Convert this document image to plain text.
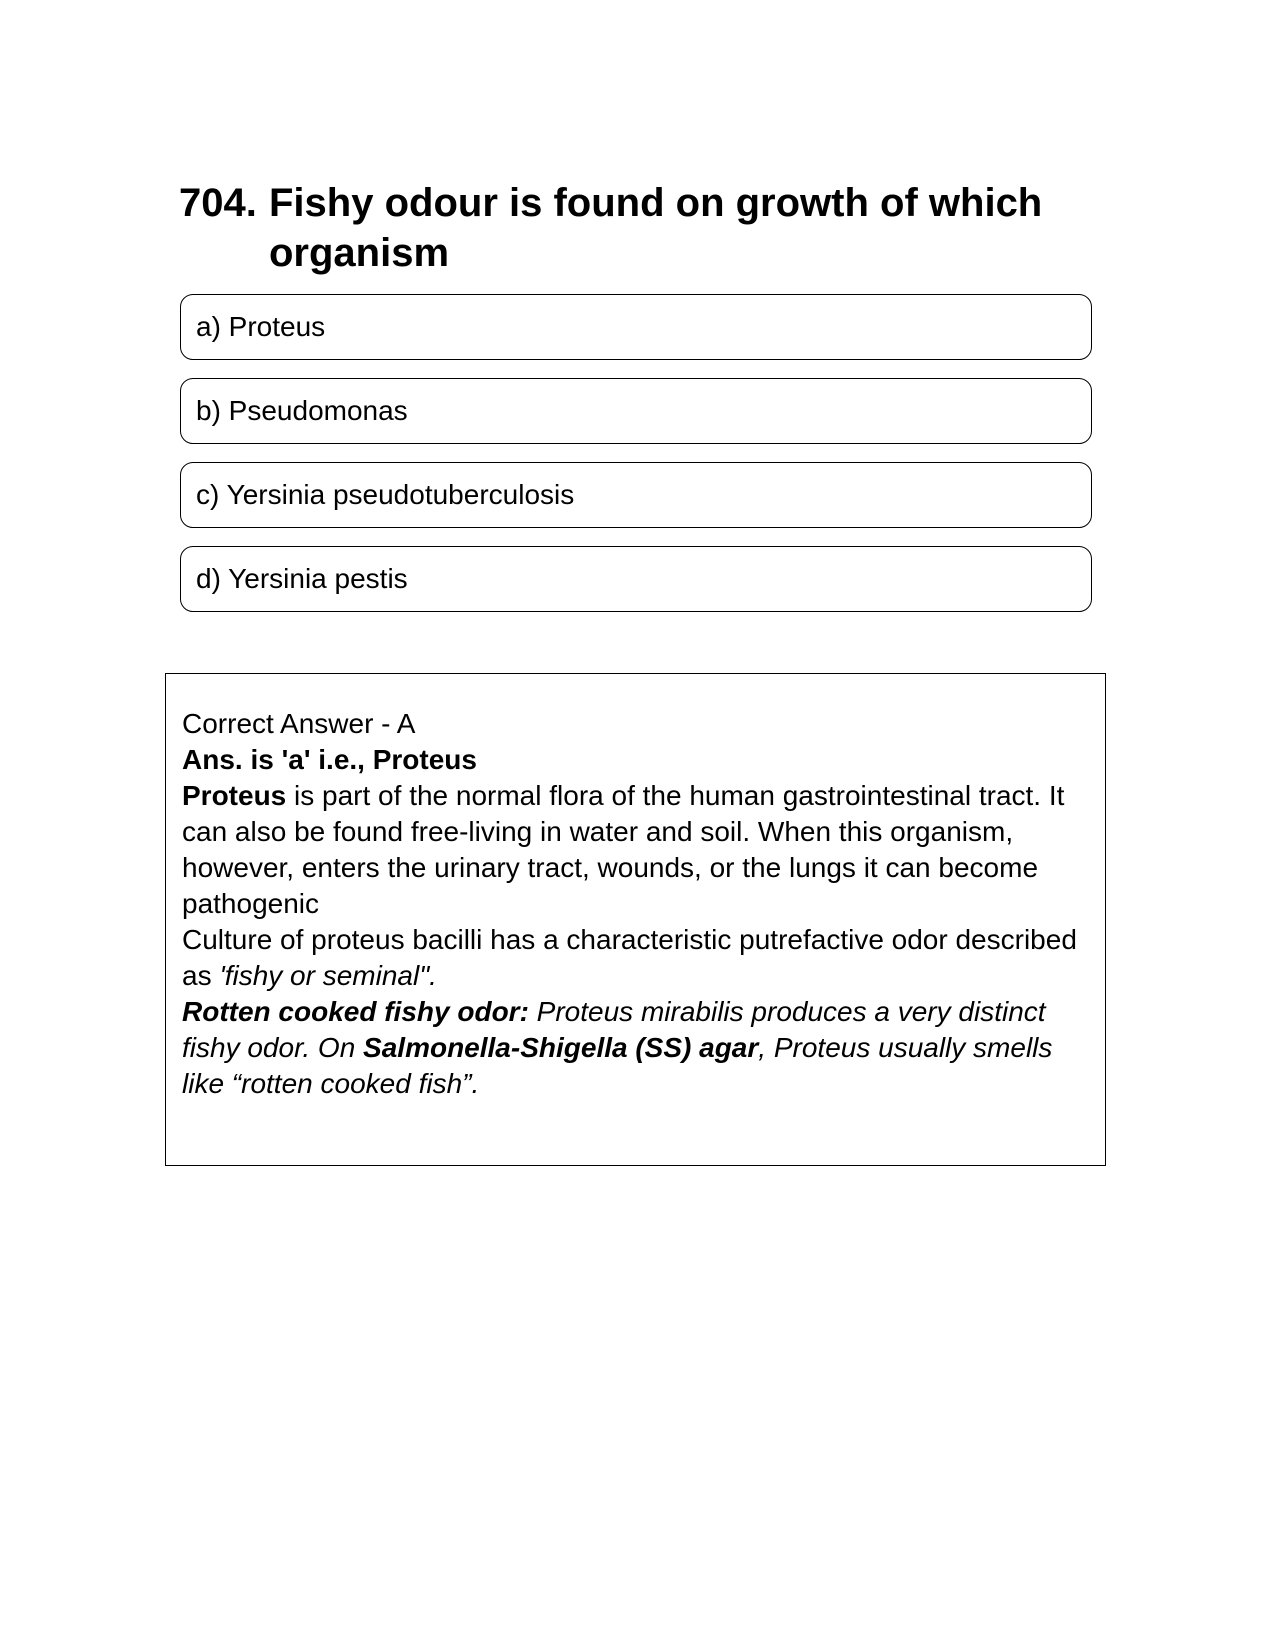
704. Fishy odour is found on growth of which organism
a) Proteus
b) Pseudomonas
c) Yersinia pseudotuberculosis
d) Yersinia pestis

Correct Answer - A

Ans. is 'a' i.e., Proteus

Proteus is part of the normal flora of the human gastrointestinal tract. It can also be found free-living in water and soil. When this organism, however, enters the urinary tract, wounds, or the lungs it can become pathogenic

Culture of proteus bacilli has a characteristic putrefactive odor described as 'fishy or seminal".

Rotten cooked fishy odor: Proteus mirabilis produces a very distinct fishy odor. On Salmonella-Shigella (SS) agar, Proteus usually smells like “rotten cooked fish”.
